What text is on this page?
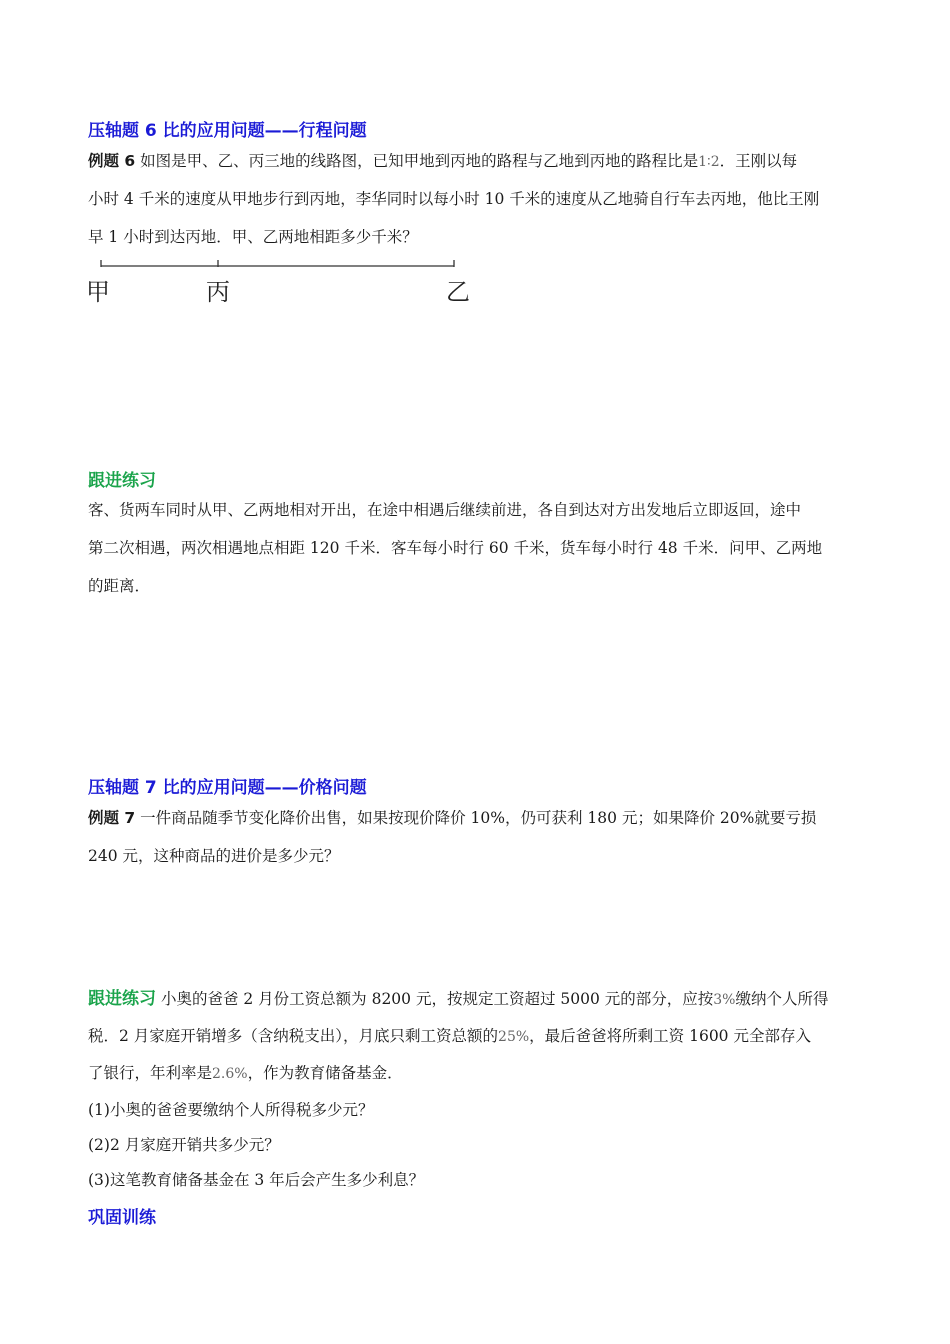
压轴题 6 比的应用问题——行程问题
例题 6 如图是甲、乙、丙三地的线路图，已知甲地到丙地的路程与乙地到丙地的路程比是1∶2．王刚以每
小时 4 千米的速度从甲地步行到丙地，李华同时以每小时 10 千米的速度从乙地骑自行车去丙地，他比王刚
早 1 小时到达丙地．甲、乙两地相距多少千米？
甲	丙	乙
跟进练习
客、货两车同时从甲、乙两地相对开出，在途中相遇后继续前进，各自到达对方出发地后立即返回，途中
第二次相遇，两次相遇地点相距 120 千米．客车每小时行 60 千米，货车每小时行 48 千米．问甲、乙两地
的距离．
压轴题 7 比的应用问题——价格问题
例题 7 一件商品随季节变化降价出售，如果按现价降价 10%，仍可获利 180 元；如果降价 20%就要亏损
240 元，这种商品的进价是多少元？
跟进练习 小奥的爸爸 2 月份工资总额为 8200 元，按规定工资超过 5000 元的部分，应按3%缴纳个人所得
税．2 月家庭开销增多（含纳税支出），月底只剩工资总额的25%，最后爸爸将所剩工资 1600 元全部存入
了银行，年利率是2.6%，作为教育储备基金．
(1)小奥的爸爸要缴纳个人所得税多少元？
(2)2 月家庭开销共多少元？
(3)这笔教育储备基金在 3 年后会产生多少利息？
巩固训练
